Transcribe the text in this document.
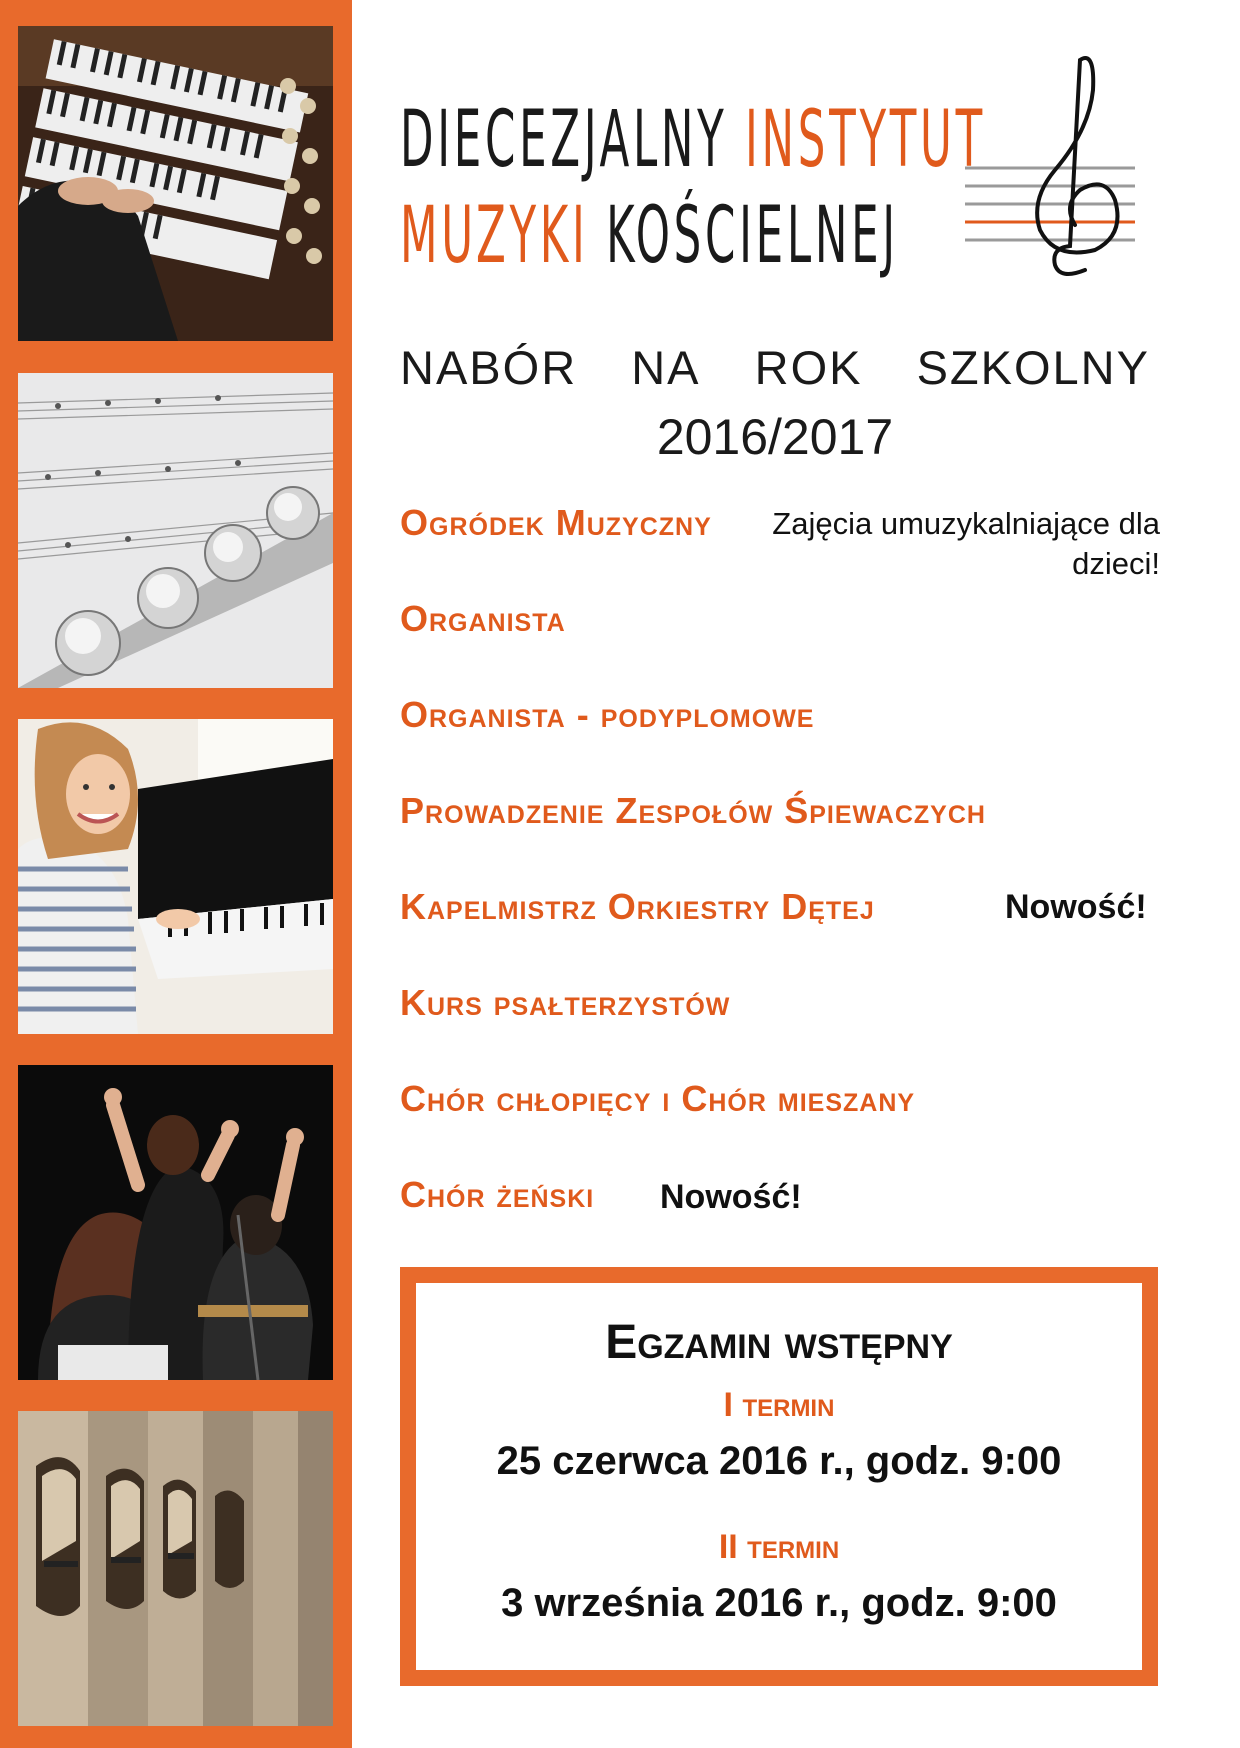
DIECEZJALNY INSTYTUT
MUZYKI KOŚCIELNEJ
NABÓR NA ROK SZKOLNY
2016/2017
Ogródek Muzyczny	Zajęcia umuzykalniające dla dzieci!
Organista
Organista - podyplomowe
Prowadzenie Zespołów Śpiewaczych
Kapelmistrz Orkiestry Dętej	Nowość!
Kurs psałterzystów
Chór chłopięcy i Chór mieszany
Chór żeński Nowość!
Egzamin wstępny
I termin
25 czerwca 2016 r., godz. 9:00
II termin
3 września 2016 r., godz. 9:00
